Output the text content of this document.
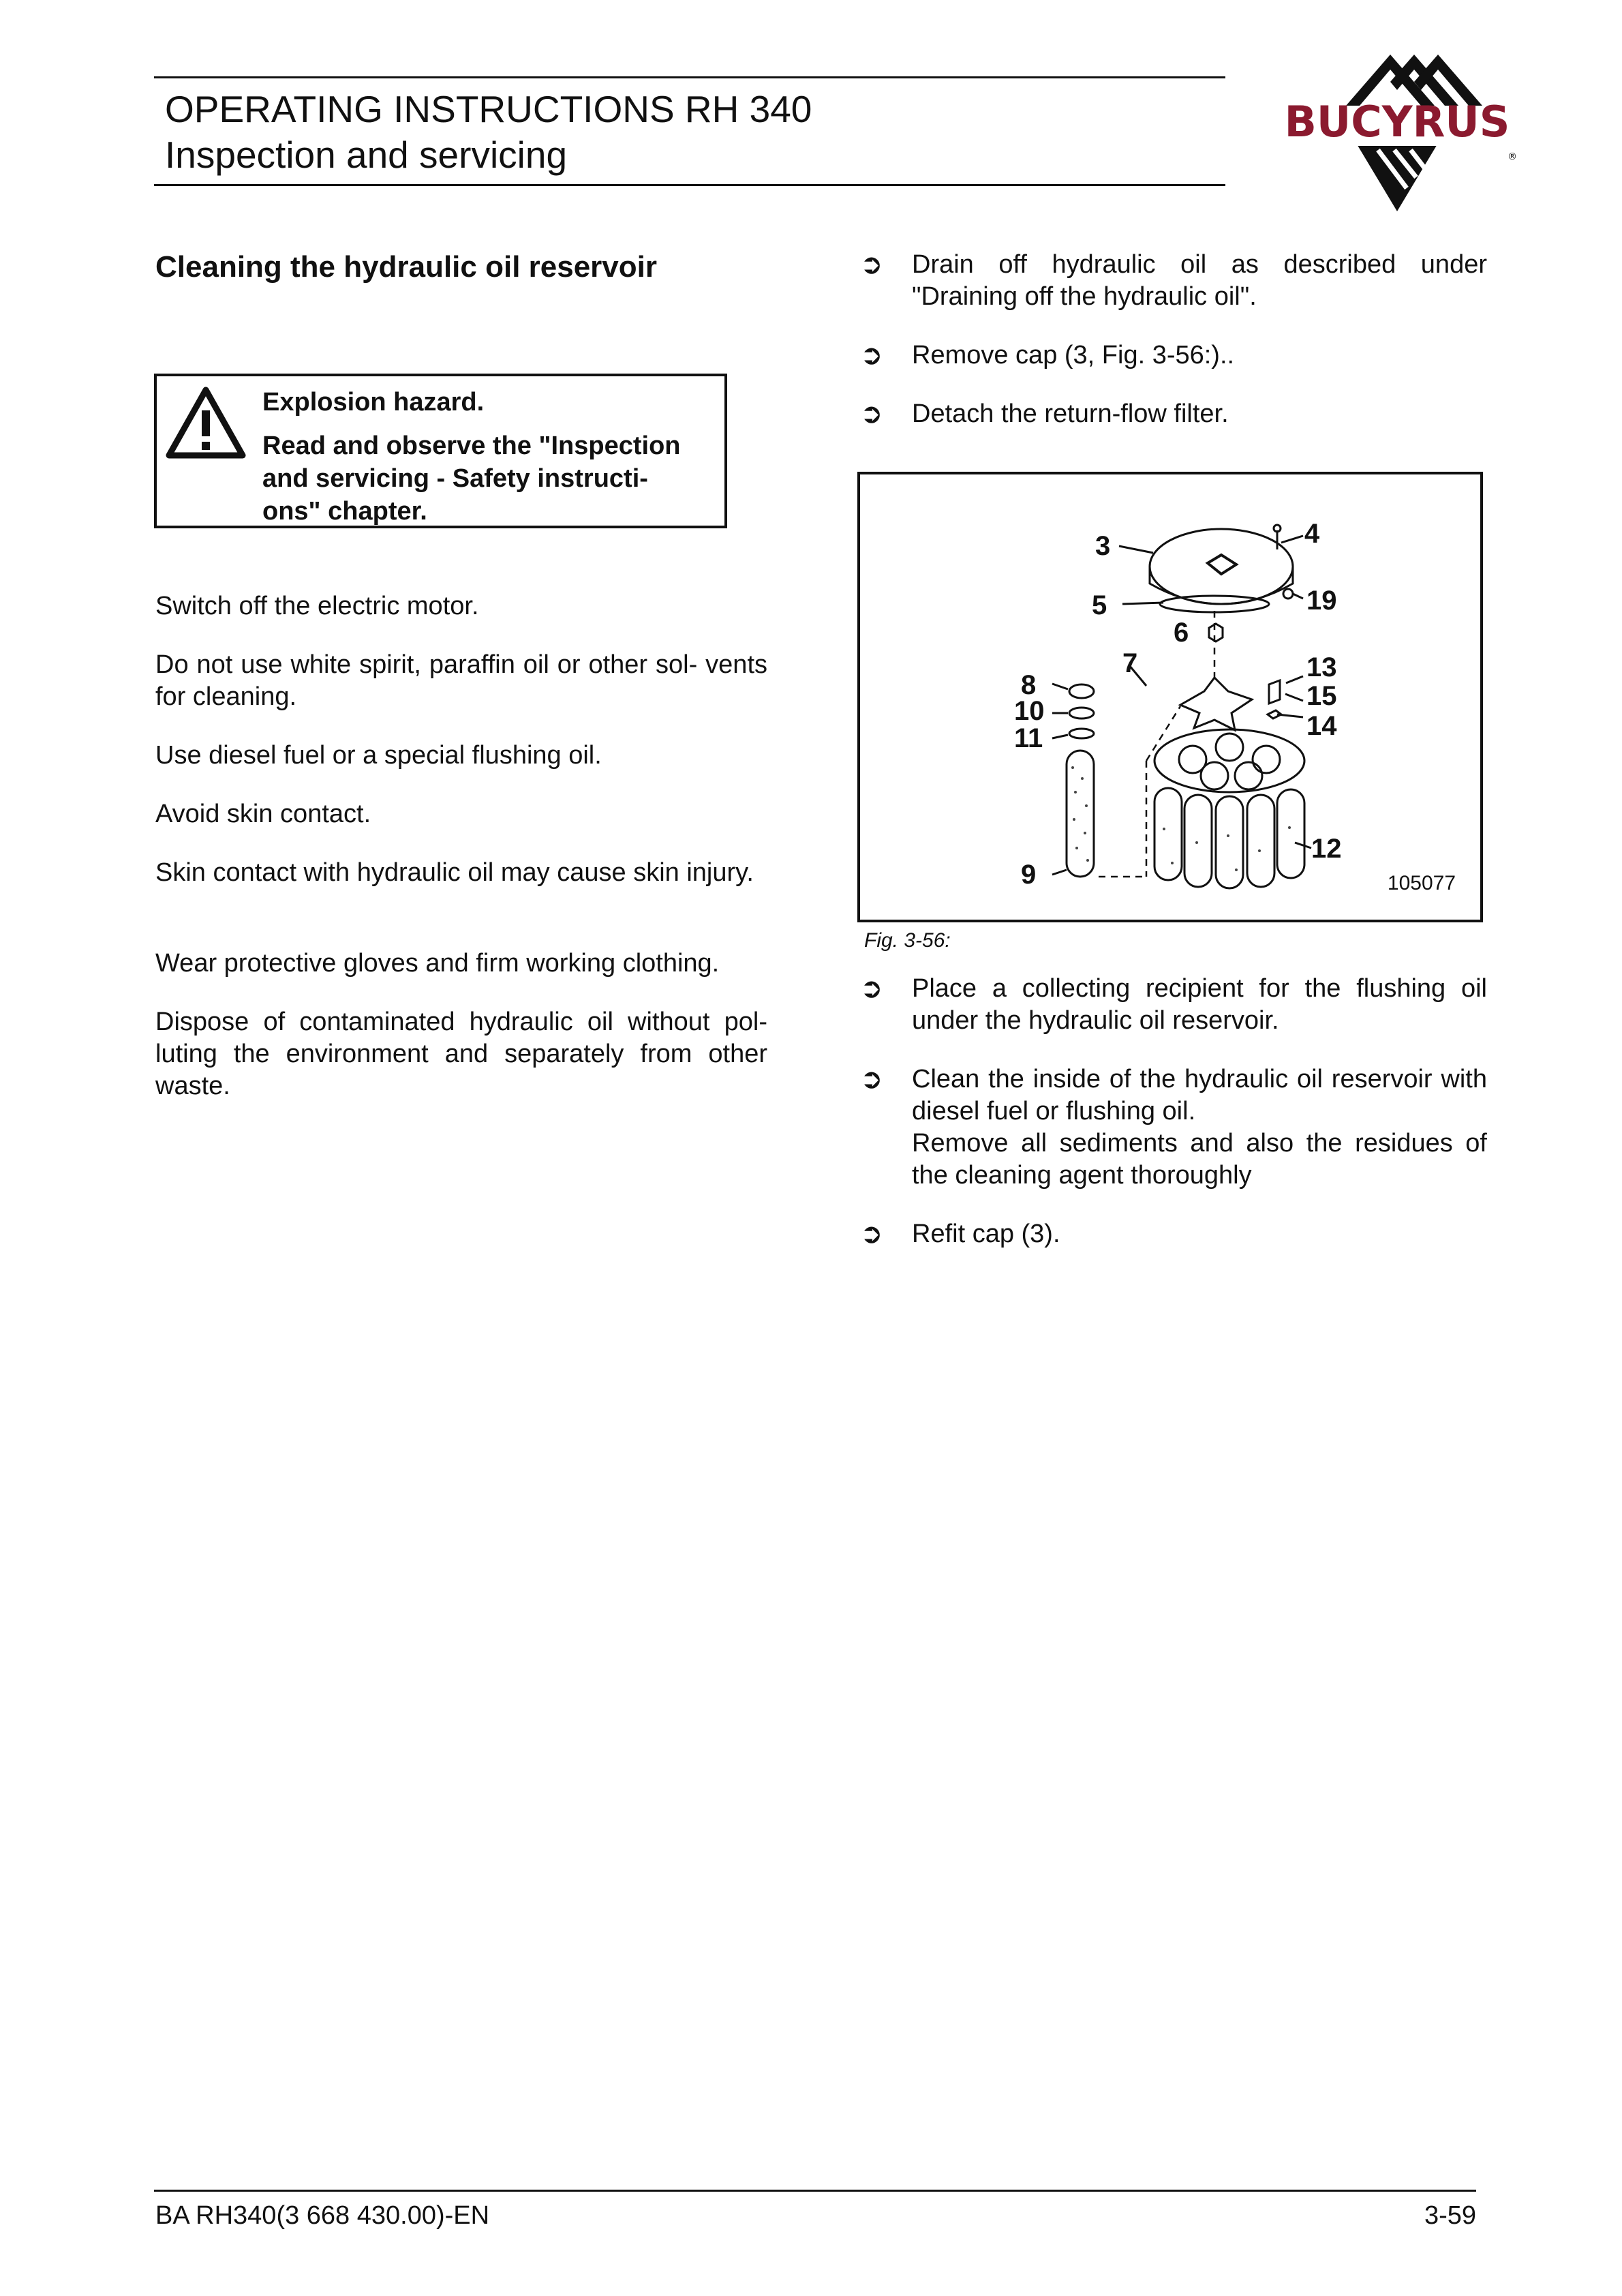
OPERATING INSTRUCTIONS RH 340
Inspection and servicing
BUCYRUS
®
Cleaning the hydraulic oil reservoir
Explosion hazard.
Read and observe the "Inspection and servicing - Safety instructi- ons" chapter.
Switch off the electric motor.
Do not use white spirit, paraffin oil or other sol- vents for cleaning.
Use diesel fuel or a special flushing oil.
Avoid skin contact.
Skin contact with hydraulic oil may cause skin injury.
Wear protective gloves and firm working clothing.
Dispose of contaminated hydraulic oil without pol- luting the environment and separately from other waste.
➲ Drain off hydraulic oil as described under "Draining off the hydraulic oil".
➲ Remove cap (3, Fig. 3-56:)..
➲ Detach the return-flow filter.
3	4
19
5
6
8
7	13
15
10	14
11
12
9	105077
Fig. 3-56:
➲ Place a collecting recipient for the flushing oil under the hydraulic oil reservoir.
➲ Clean the inside of the hydraulic oil reservoir with diesel fuel or flushing oil.
Remove all sediments and also the residues of the cleaning agent thoroughly
➲ Refit cap (3).
BA RH340(3 668 430.00)-EN	3-59
